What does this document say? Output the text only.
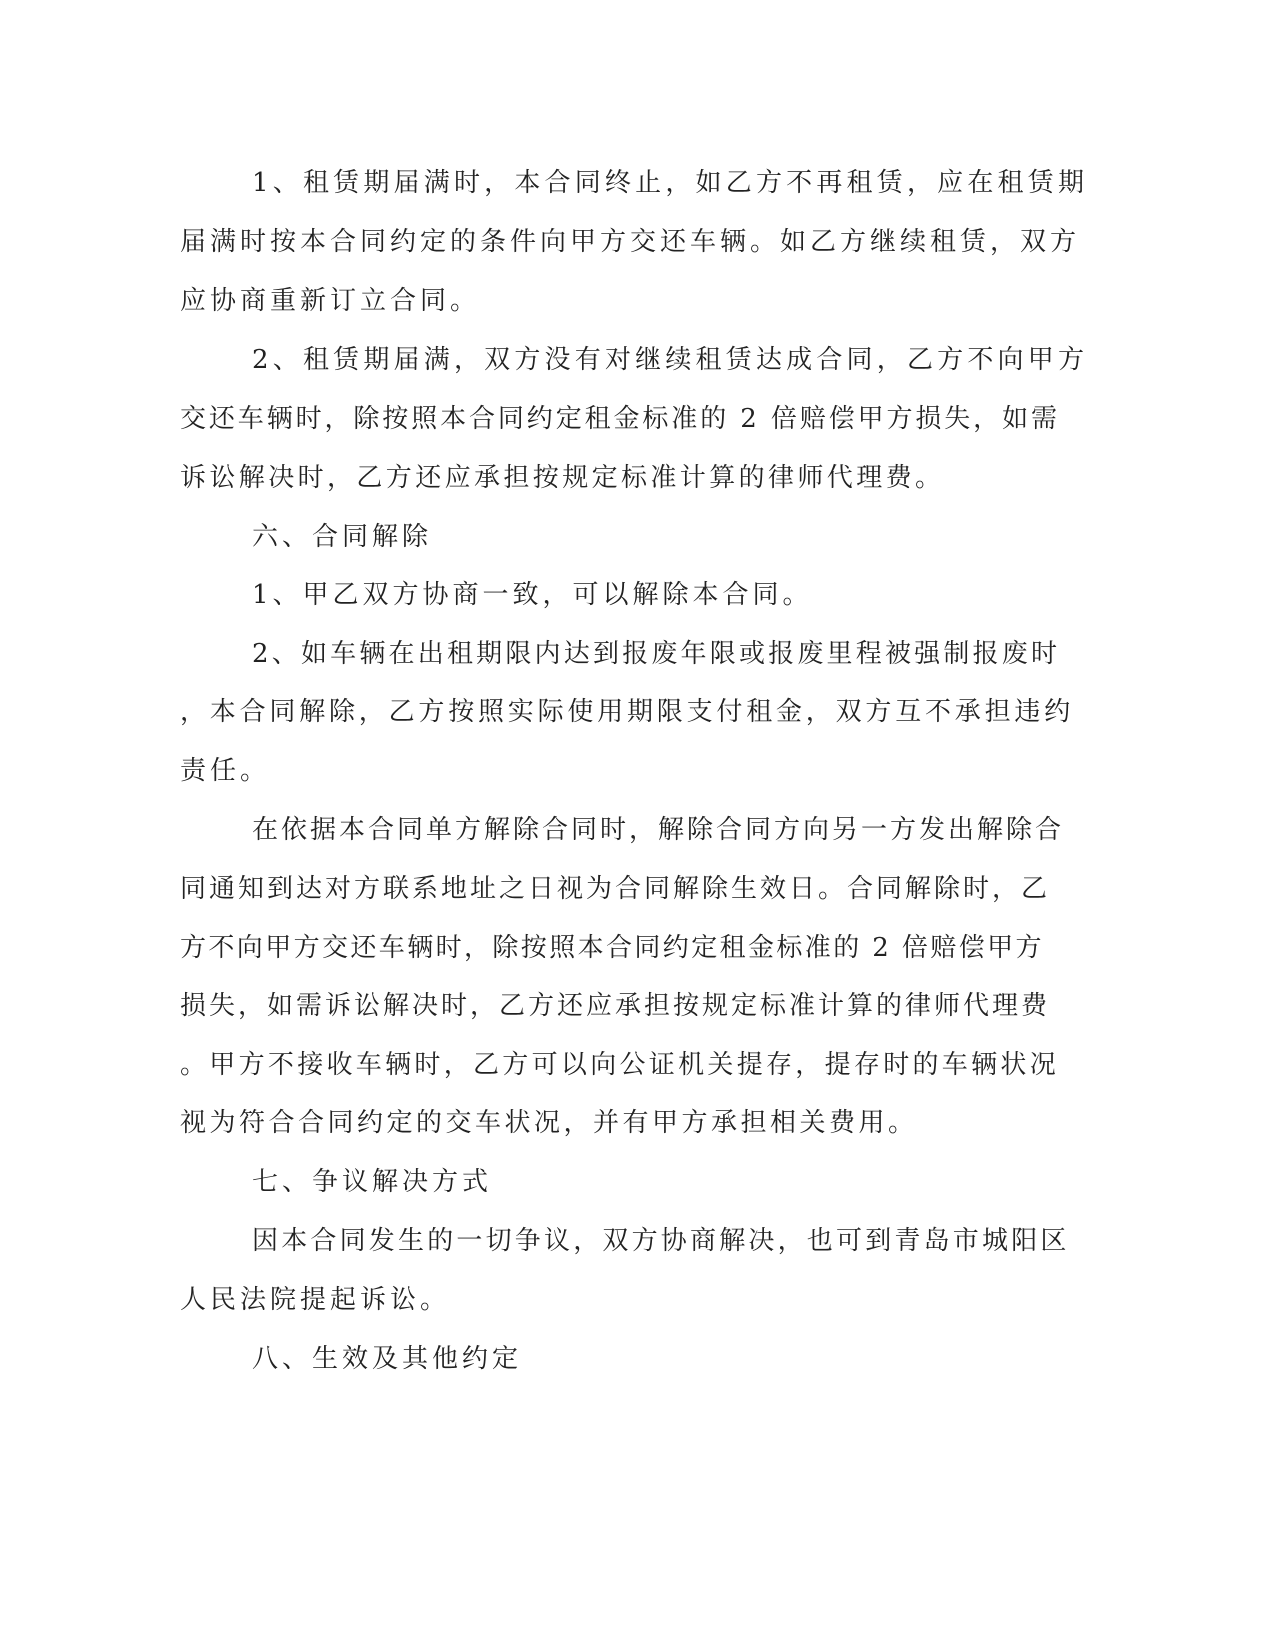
1、租赁期届满时，本合同终止，如乙方不再租赁，应在租赁期
届满时按本合同约定的条件向甲方交还车辆。如乙方继续租赁，双方
应协商重新订立合同。
2、租赁期届满，双方没有对继续租赁达成合同，乙方不向甲方
交还车辆时，除按照本合同约定租金标准的 2 倍赔偿甲方损失，如需
诉讼解决时，乙方还应承担按规定标准计算的律师代理费。
六、合同解除
1、甲乙双方协商一致，可以解除本合同。
2、如车辆在出租期限内达到报废年限或报废里程被强制报废时
，本合同解除，乙方按照实际使用期限支付租金，双方互不承担违约
责任。
在依据本合同单方解除合同时，解除合同方向另一方发出解除合
同通知到达对方联系地址之日视为合同解除生效日。合同解除时，乙
方不向甲方交还车辆时，除按照本合同约定租金标准的 2 倍赔偿甲方
损失，如需诉讼解决时，乙方还应承担按规定标准计算的律师代理费
。甲方不接收车辆时，乙方可以向公证机关提存，提存时的车辆状况
视为符合合同约定的交车状况，并有甲方承担相关费用。
七、争议解决方式
因本合同发生的一切争议，双方协商解决，也可到青岛市城阳区
人民法院提起诉讼。
八、生效及其他约定
